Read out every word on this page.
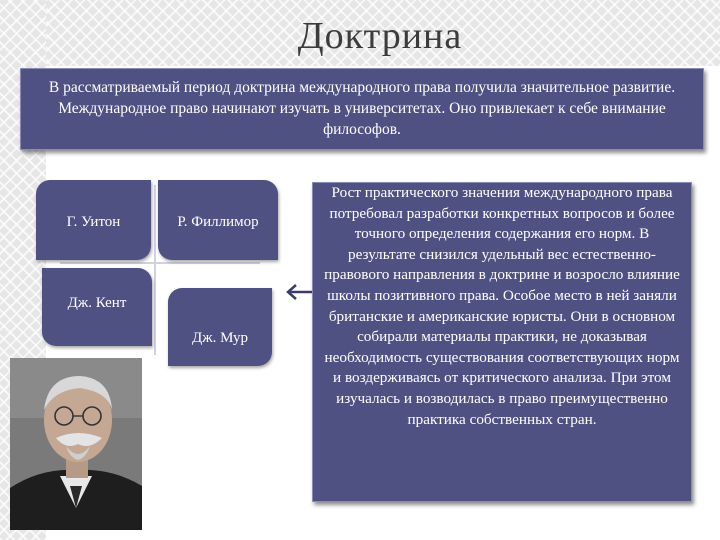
Доктрина
В рассматриваемый период доктрина международного права получила значительное развитие. Международное право начинают изучать в университетах. Оно привлекает к себе внимание философов.
Г. Уитон	Р. Филлимор
Дж. Кент
Дж. Мур
Рост практического значения международного права потребовал разработки конкретных вопросов и более точного определения содержания его норм. В результате снизился удельный вес естественно-правового направления в доктрине и возросло влияние школы позитивного права. Особое место в ней заняли британские и американские юристы. Они в основном собирали материалы практики, не доказывая необходимость существования соответствующих норм и воздерживаясь от критического анализа. При этом изучалась и возводилась в право преимущественно практика собственных стран.
